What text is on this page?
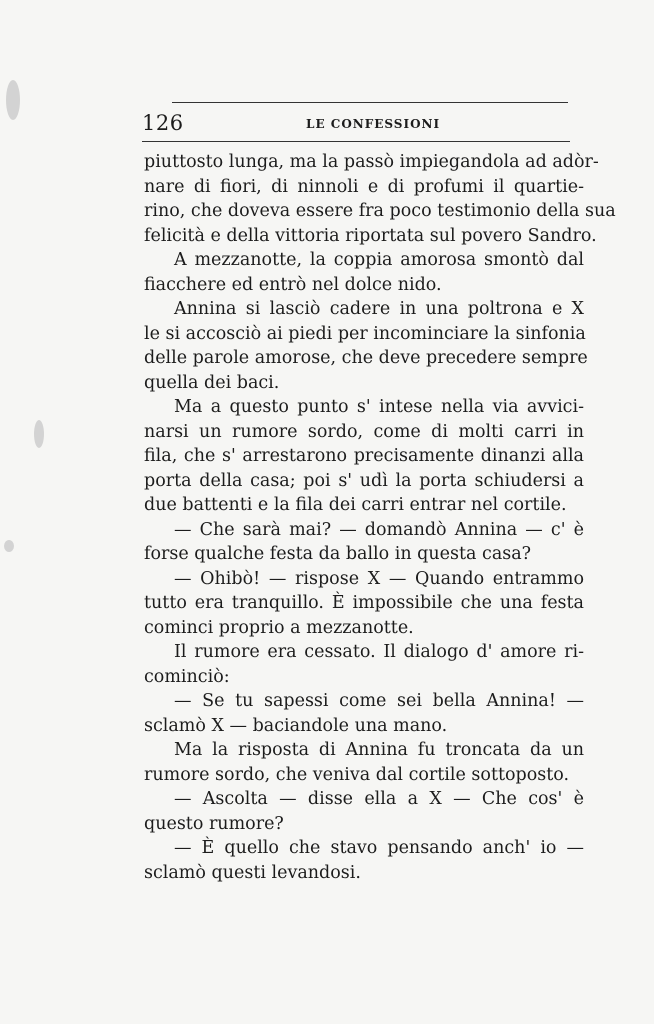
126	LE CONFESSIONI
piuttosto lunga, ma la passò impiegandola ad adòr-
nare di fiori, di ninnoli e di profumi il quartie-
rino, che doveva essere fra poco testimonio della sua
felicità e della vittoria riportata sul povero Sandro.
A mezzanotte, la coppia amorosa smontò dal
fiacchere ed entrò nel dolce nido.
Annina si lasciò cadere in una poltrona e X
le si accosciò ai piedi per incominciare la sinfonia
delle parole amorose, che deve precedere sempre
quella dei baci.
Ma a questo punto s' intese nella via avvici-
narsi un rumore sordo, come di molti carri in
fila, che s' arrestarono precisamente dinanzi alla
porta della casa; poi s' udì la porta schiudersi a
due battenti e la fila dei carri entrar nel cortile.
— Che sarà mai? — domandò Annina — c' è
forse qualche festa da ballo in questa casa?
— Ohibò! — rispose X — Quando entrammo
tutto era tranquillo. È impossibile che una festa
cominci proprio a mezzanotte.
Il rumore era cessato. Il dialogo d' amore ri-
cominciò:
— Se tu sapessi come sei bella Annina! —
sclamò X — baciandole una mano.
Ma la risposta di Annina fu troncata da un
rumore sordo, che veniva dal cortile sottoposto.
— Ascolta — disse ella a X — Che cos' è
questo rumore?
— È quello che stavo pensando anch' io —
sclamò questi levandosi.
